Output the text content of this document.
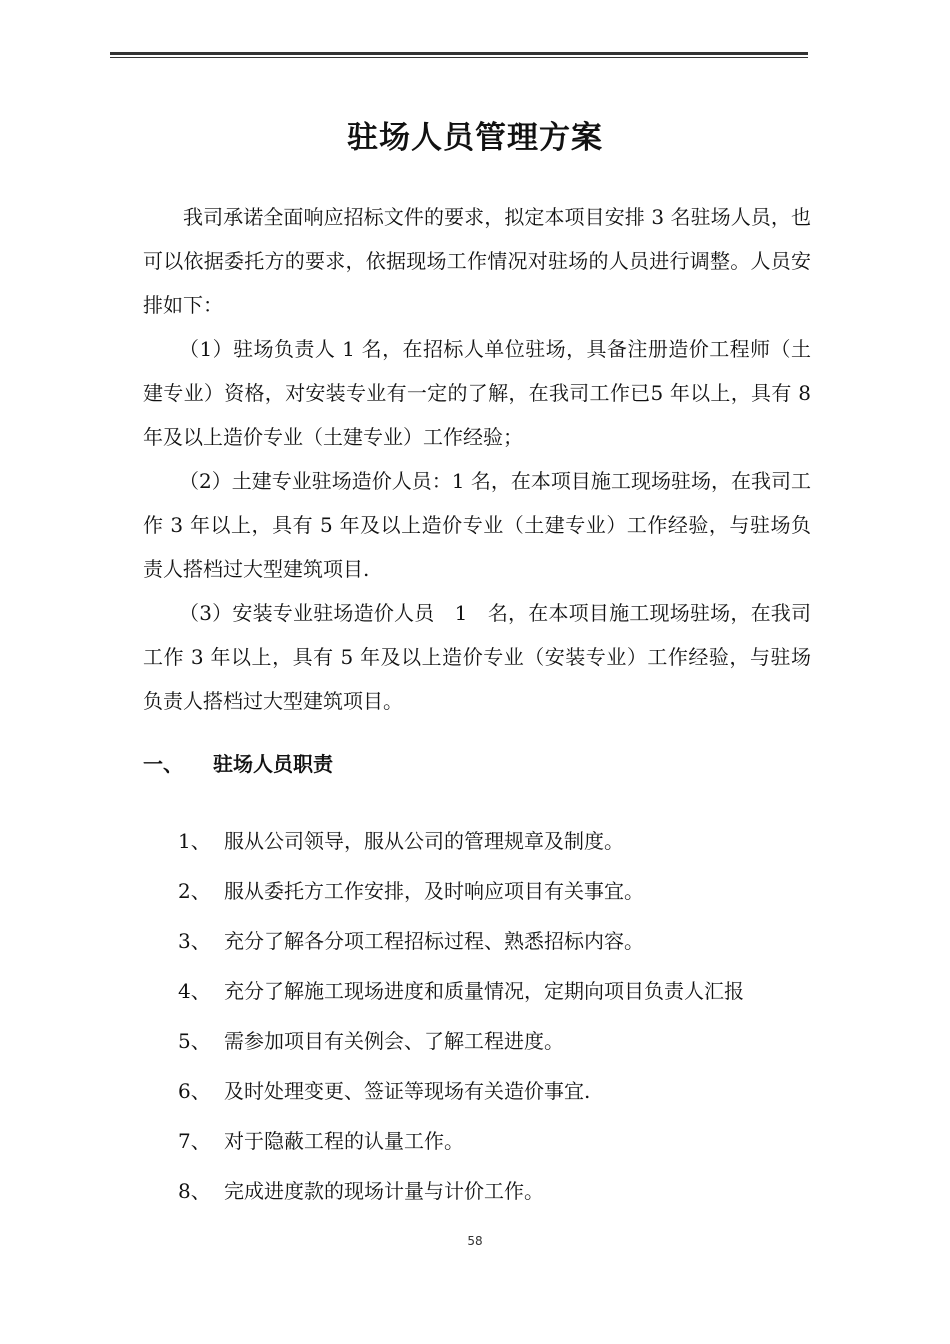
驻场人员管理方案

我司承诺全面响应招标文件的要求，拟定本项目安排 3 名驻场人员，也可以依据委托方的要求，依据现场工作情况对驻场的人员进行调整。人员安排如下：

（1）驻场负责人 1 名，在招标人单位驻场，具备注册造价工程师（土建专业）资格，对安装专业有一定的了解，在我司工作已5 年以上，具有 8 年及以上造价专业（土建专业）工作经验；

（2）土建专业驻场造价人员：1 名，在本项目施工现场驻场，在我司工作 3 年以上，具有 5 年及以上造价专业（土建专业）工作经验，与驻场负责人搭档过大型建筑项目.

（3）安装专业驻场造价人员　1　名，在本项目施工现场驻场，在我司工作 3 年以上，具有 5 年及以上造价专业（安装专业）工作经验，与驻场负责人搭档过大型建筑项目。

一、 驻场人员职责
1、 服从公司领导，服从公司的管理规章及制度。
2、 服从委托方工作安排，及时响应项目有关事宜。
3、 充分了解各分项工程招标过程、熟悉招标内容。
4、 充分了解施工现场进度和质量情况，定期向项目负责人汇报
5、 需参加项目有关例会、了解工程进度。
6、 及时处理变更、签证等现场有关造价事宜.
7、 对于隐蔽工程的认量工作。
8、 完成进度款的现场计量与计价工作。
58
